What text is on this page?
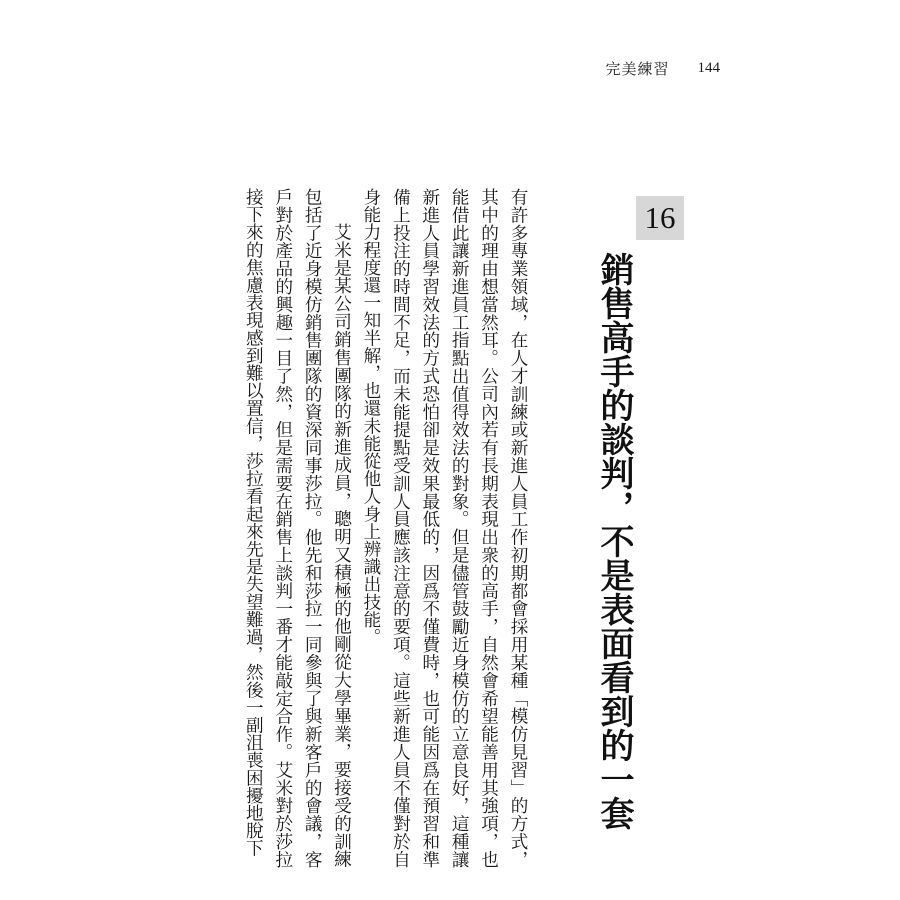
完美練習 144
16
銷售高手的談判，不是表面看到的一套

有許多專業領域，在人才訓練或新進人員工作初期都會採用某種「模仿見習」的方式，其中的理由想當然耳。公司內若有長期表現出衆的高手，自然會希望能善用其強項，也能借此讓新進員工指點出值得效法的對象。但是儘管鼓勵近身模仿的立意良好，這種讓新進人員學習效法的方式恐怕卻是效果最低的，因爲不僅費時，也可能因爲在預習和準備上投注的時間不足，而未能提點受訓人員應該注意的要項。這些新進人員不僅對於自身能力程度還一知半解，也還未能從他人身上辨識出技能。

艾米是某公司銷售團隊的新進成員，聰明又積極的他剛從大學畢業，要接受的訓練包括了近身模仿銷售團隊的資深同事莎拉。他先和莎拉一同參與了與新客戶的會議，客戶對於產品的興趣一目了然，但是需要在銷售上談判一番才能敲定合作。艾米對於莎拉接下來的焦慮表現感到難以置信，莎拉看起來先是失望難過，然後一副沮喪困擾地脫下
